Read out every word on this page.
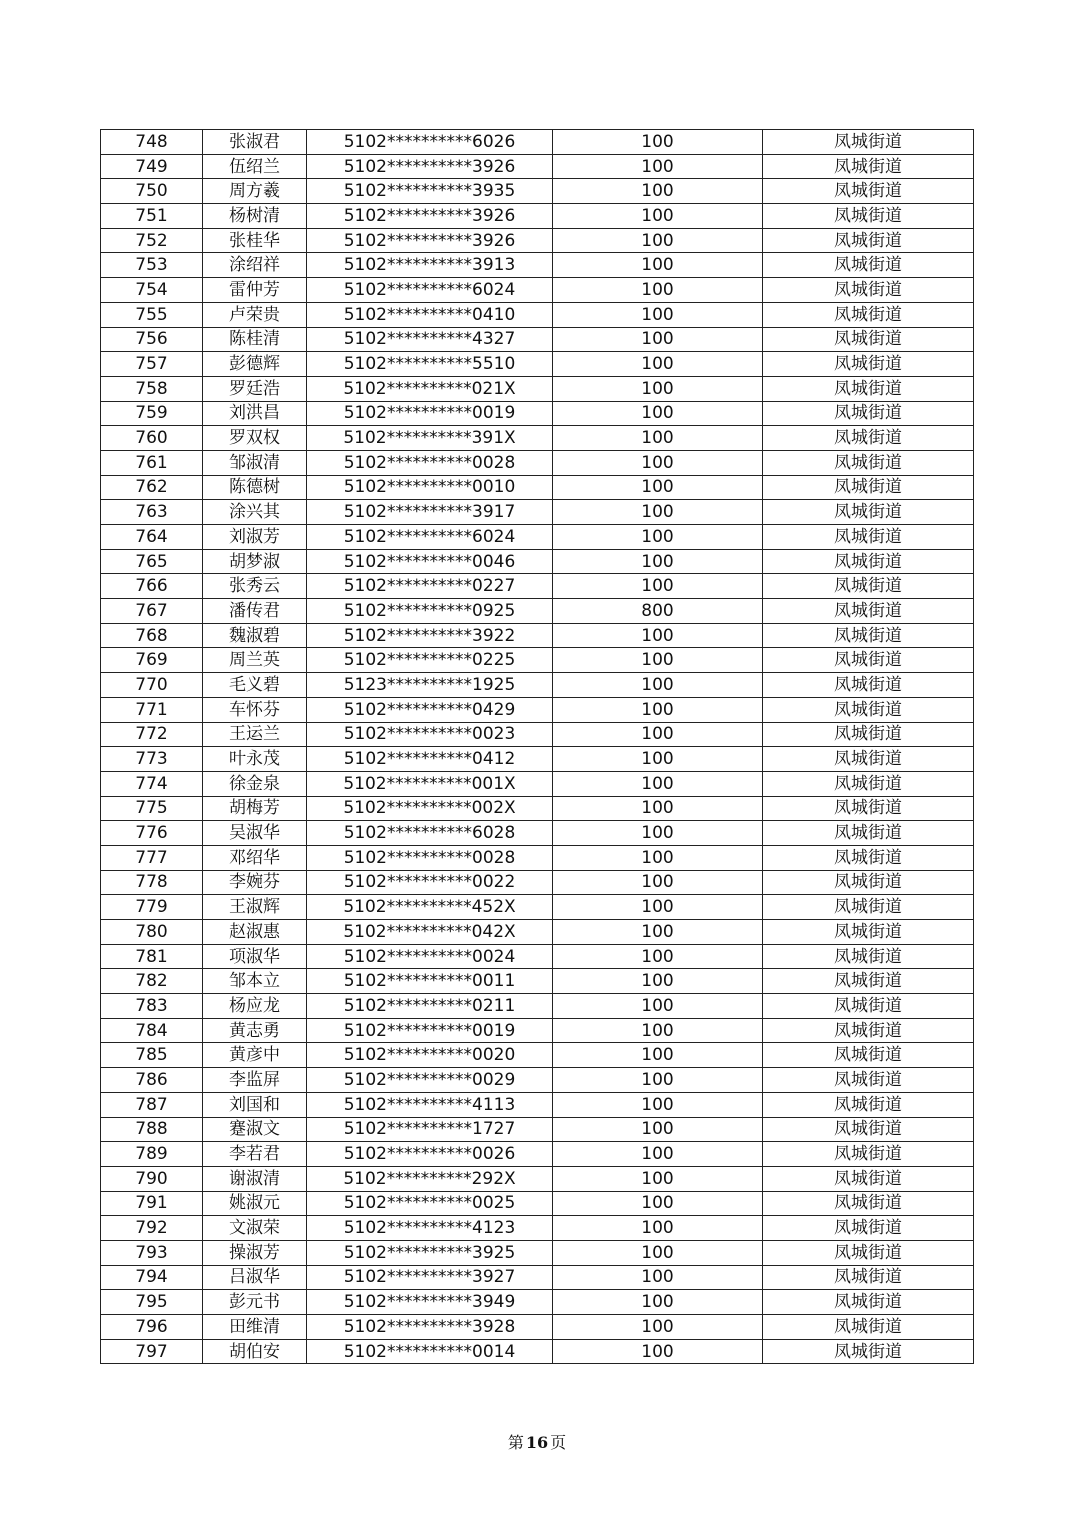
748	张淑君	5102**********6026	100	凤城街道
749	伍绍兰	5102**********3926	100	凤城街道
750	周方羲	5102**********3935	100	凤城街道
751	杨树清	5102**********3926	100	凤城街道
752	张桂华	5102**********3926	100	凤城街道
753	涂绍祥	5102**********3913	100	凤城街道
754	雷仲芳	5102**********6024	100	凤城街道
755	卢荣贵	5102**********0410	100	凤城街道
756	陈桂清	5102**********4327	100	凤城街道
757	彭德辉	5102**********5510	100	凤城街道
758	罗廷浩	5102**********021X	100	凤城街道
759	刘洪昌	5102**********0019	100	凤城街道
760	罗双权	5102**********391X	100	凤城街道
761	邹淑清	5102**********0028	100	凤城街道
762	陈德树	5102**********0010	100	凤城街道
763	涂兴其	5102**********3917	100	凤城街道
764	刘淑芳	5102**********6024	100	凤城街道
765	胡梦淑	5102**********0046	100	凤城街道
766	张秀云	5102**********0227	100	凤城街道
767	潘传君	5102**********0925	800	凤城街道
768	魏淑碧	5102**********3922	100	凤城街道
769	周兰英	5102**********0225	100	凤城街道
770	毛义碧	5123**********1925	100	凤城街道
771	车怀芬	5102**********0429	100	凤城街道
772	王运兰	5102**********0023	100	凤城街道
773	叶永茂	5102**********0412	100	凤城街道
774	徐金泉	5102**********001X	100	凤城街道
775	胡梅芳	5102**********002X	100	凤城街道
776	吴淑华	5102**********6028	100	凤城街道
777	邓绍华	5102**********0028	100	凤城街道
778	李婉芬	5102**********0022	100	凤城街道
779	王淑辉	5102**********452X	100	凤城街道
780	赵淑惠	5102**********042X	100	凤城街道
781	项淑华	5102**********0024	100	凤城街道
782	邹本立	5102**********0011	100	凤城街道
783	杨应龙	5102**********0211	100	凤城街道
784	黄志勇	5102**********0019	100	凤城街道
785	黄彦中	5102**********0020	100	凤城街道
786	李监屏	5102**********0029	100	凤城街道
787	刘国和	5102**********4113	100	凤城街道
788	蹇淑文	5102**********1727	100	凤城街道
789	李若君	5102**********0026	100	凤城街道
790	谢淑清	5102**********292X	100	凤城街道
791	姚淑元	5102**********0025	100	凤城街道
792	文淑荣	5102**********4123	100	凤城街道
793	操淑芳	5102**********3925	100	凤城街道
794	吕淑华	5102**********3927	100	凤城街道
795	彭元书	5102**********3949	100	凤城街道
796	田维清	5102**********3928	100	凤城街道
797	胡伯安	5102**********0014	100	凤城街道
第 16 页
